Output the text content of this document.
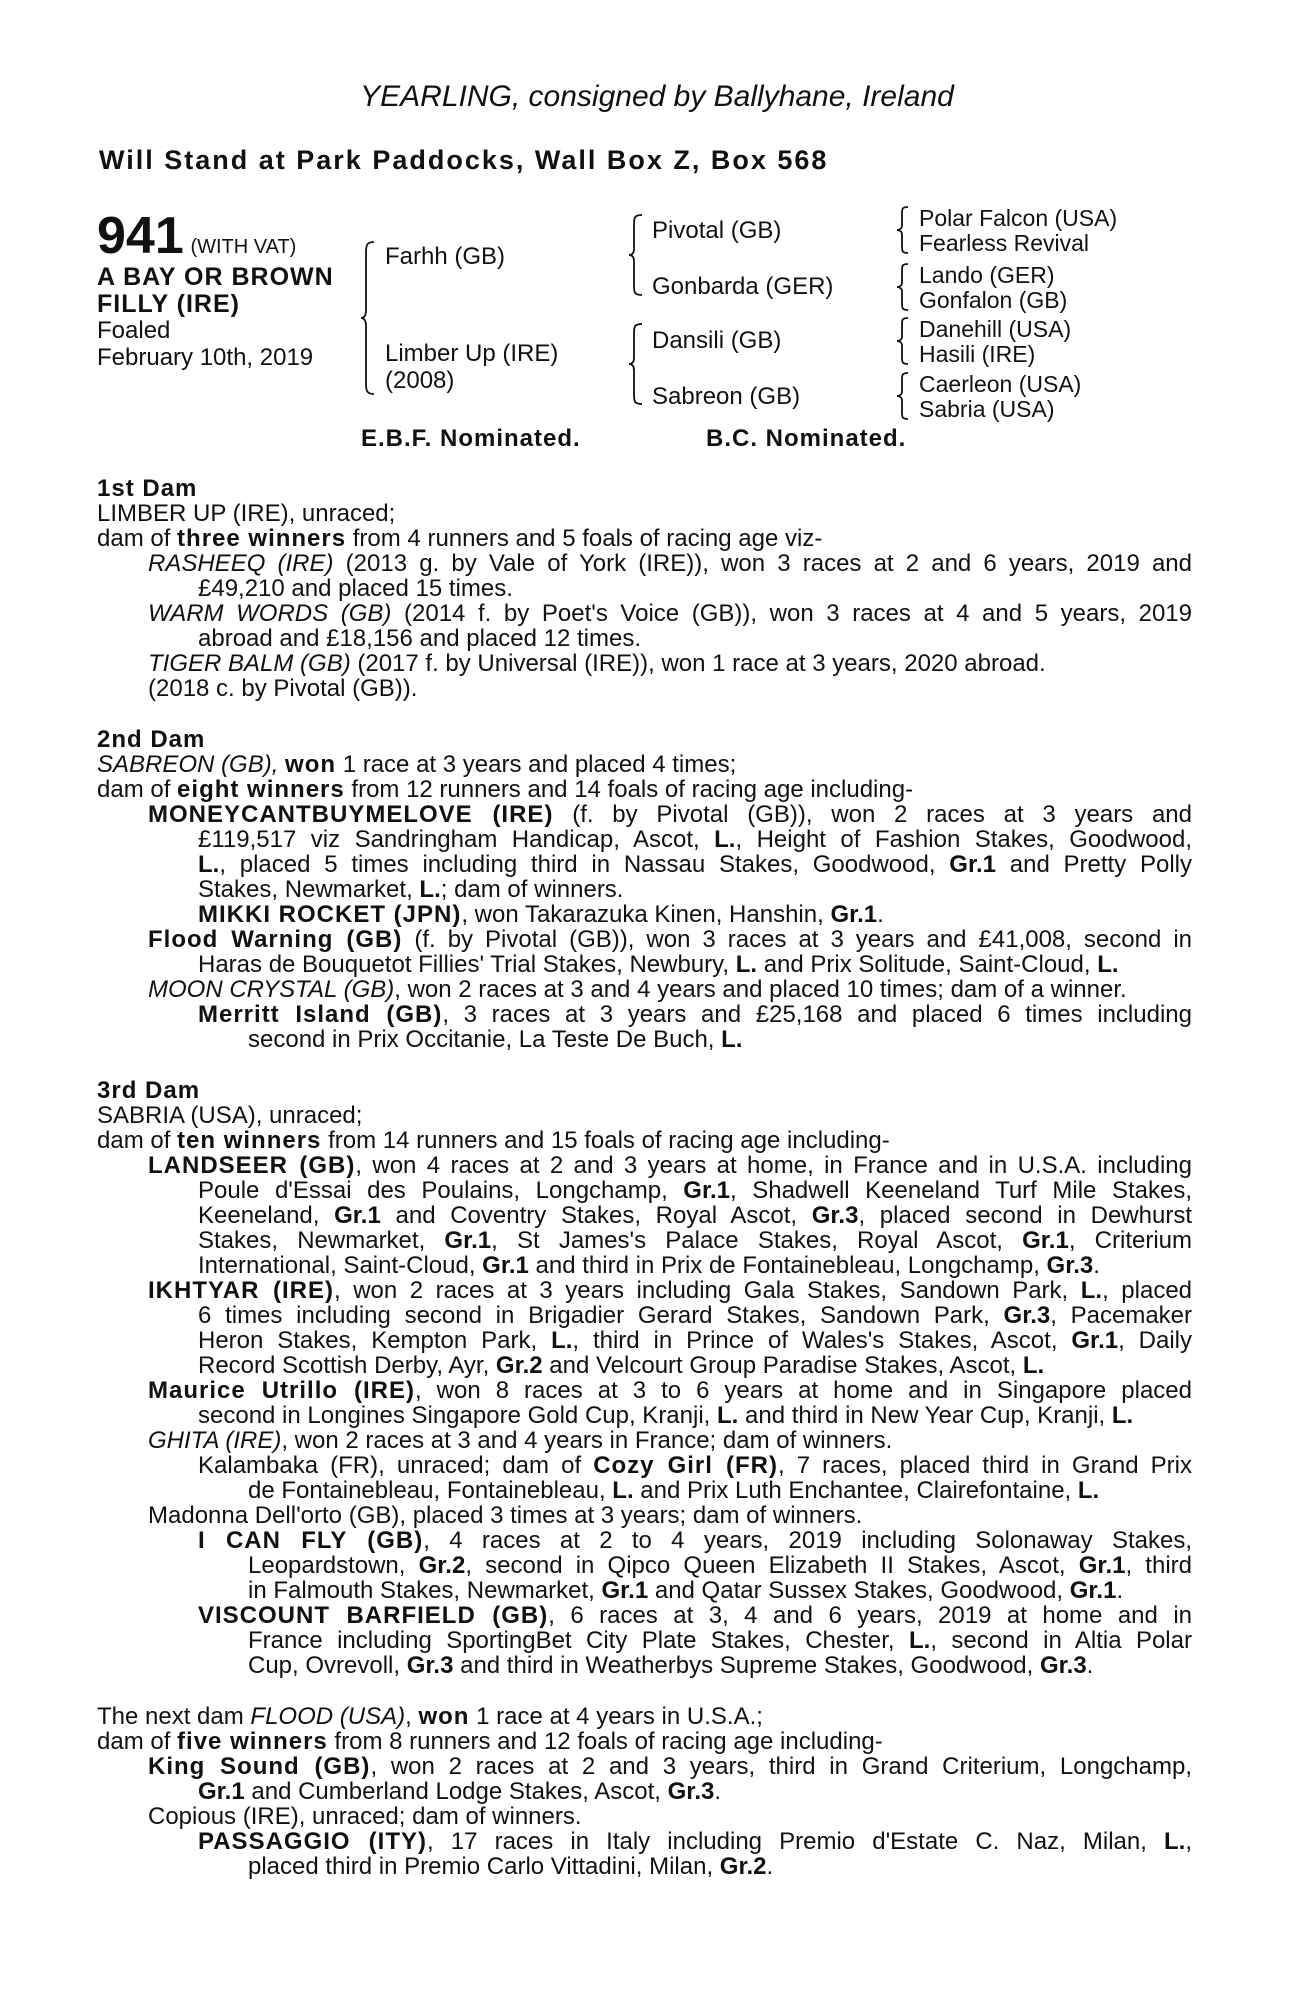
YEARLING, consigned by Ballyhane, Ireland
Will Stand at Park Paddocks, Wall Box Z, Box 568
941 (WITH VAT)
A BAY OR BROWN
FILLY (IRE)
Foaled
February 10th, 2019
Farhh (GB)
Limber Up (IRE)
(2008)
Pivotal (GB)
Gonbarda (GER)
Dansili (GB)
Sabreon (GB)
Polar Falcon (USA)
Fearless Revival
Lando (GER)
Gonfalon (GB)
Danehill (USA)
Hasili (IRE)
Caerleon (USA)
Sabria (USA)
E.B.F. Nominated.	B.C. Nominated.
1st Dam
LIMBER UP (IRE), unraced;
dam of three winners from 4 runners and 5 foals of racing age viz-
RASHEEQ (IRE) (2013 g. by Vale of York (IRE)), won 3 races at 2 and 6 years, 2019 and
£49,210 and placed 15 times.
WARM WORDS (GB) (2014 f. by Poet's Voice (GB)), won 3 races at 4 and 5 years, 2019
abroad and £18,156 and placed 12 times.
TIGER BALM (GB) (2017 f. by Universal (IRE)), won 1 race at 3 years, 2020 abroad.
(2018 c. by Pivotal (GB)).
2nd Dam
SABREON (GB), won 1 race at 3 years and placed 4 times;
dam of eight winners from 12 runners and 14 foals of racing age including-
MONEYCANTBUYMELOVE (IRE) (f. by Pivotal (GB)), won 2 races at 3 years and
£119,517 viz Sandringham Handicap, Ascot, L., Height of Fashion Stakes, Goodwood,
L., placed 5 times including third in Nassau Stakes, Goodwood, Gr.1 and Pretty Polly
Stakes, Newmarket, L.; dam of winners.
MIKKI ROCKET (JPN), won Takarazuka Kinen, Hanshin, Gr.1.
Flood Warning (GB) (f. by Pivotal (GB)), won 3 races at 3 years and £41,008, second in
Haras de Bouquetot Fillies' Trial Stakes, Newbury, L. and Prix Solitude, Saint-Cloud, L.
MOON CRYSTAL (GB), won 2 races at 3 and 4 years and placed 10 times; dam of a winner.
Merritt Island (GB), 3 races at 3 years and £25,168 and placed 6 times including
second in Prix Occitanie, La Teste De Buch, L.
3rd Dam
SABRIA (USA), unraced;
dam of ten winners from 14 runners and 15 foals of racing age including-
LANDSEER (GB), won 4 races at 2 and 3 years at home, in France and in U.S.A. including
Poule d'Essai des Poulains, Longchamp, Gr.1, Shadwell Keeneland Turf Mile Stakes,
Keeneland, Gr.1 and Coventry Stakes, Royal Ascot, Gr.3, placed second in Dewhurst
Stakes, Newmarket, Gr.1, St James's Palace Stakes, Royal Ascot, Gr.1, Criterium
International, Saint-Cloud, Gr.1 and third in Prix de Fontainebleau, Longchamp, Gr.3.
IKHTYAR (IRE), won 2 races at 3 years including Gala Stakes, Sandown Park, L., placed
6 times including second in Brigadier Gerard Stakes, Sandown Park, Gr.3, Pacemaker
Heron Stakes, Kempton Park, L., third in Prince of Wales's Stakes, Ascot, Gr.1, Daily
Record Scottish Derby, Ayr, Gr.2 and Velcourt Group Paradise Stakes, Ascot, L.
Maurice Utrillo (IRE), won 8 races at 3 to 6 years at home and in Singapore placed
second in Longines Singapore Gold Cup, Kranji, L. and third in New Year Cup, Kranji, L.
GHITA (IRE), won 2 races at 3 and 4 years in France; dam of winners.
Kalambaka (FR), unraced; dam of Cozy Girl (FR), 7 races, placed third in Grand Prix
de Fontainebleau, Fontainebleau, L. and Prix Luth Enchantee, Clairefontaine, L.
Madonna Dell'orto (GB), placed 3 times at 3 years; dam of winners.
I CAN FLY (GB), 4 races at 2 to 4 years, 2019 including Solonaway Stakes,
Leopardstown, Gr.2, second in Qipco Queen Elizabeth II Stakes, Ascot, Gr.1, third
in Falmouth Stakes, Newmarket, Gr.1 and Qatar Sussex Stakes, Goodwood, Gr.1.
VISCOUNT BARFIELD (GB), 6 races at 3, 4 and 6 years, 2019 at home and in
France including SportingBet City Plate Stakes, Chester, L., second in Altia Polar
Cup, Ovrevoll, Gr.3 and third in Weatherbys Supreme Stakes, Goodwood, Gr.3.
The next dam FLOOD (USA), won 1 race at 4 years in U.S.A.;
dam of five winners from 8 runners and 12 foals of racing age including-
King Sound (GB), won 2 races at 2 and 3 years, third in Grand Criterium, Longchamp,
Gr.1 and Cumberland Lodge Stakes, Ascot, Gr.3.
Copious (IRE), unraced; dam of winners.
PASSAGGIO (ITY), 17 races in Italy including Premio d'Estate C. Naz, Milan, L.,
placed third in Premio Carlo Vittadini, Milan, Gr.2.
